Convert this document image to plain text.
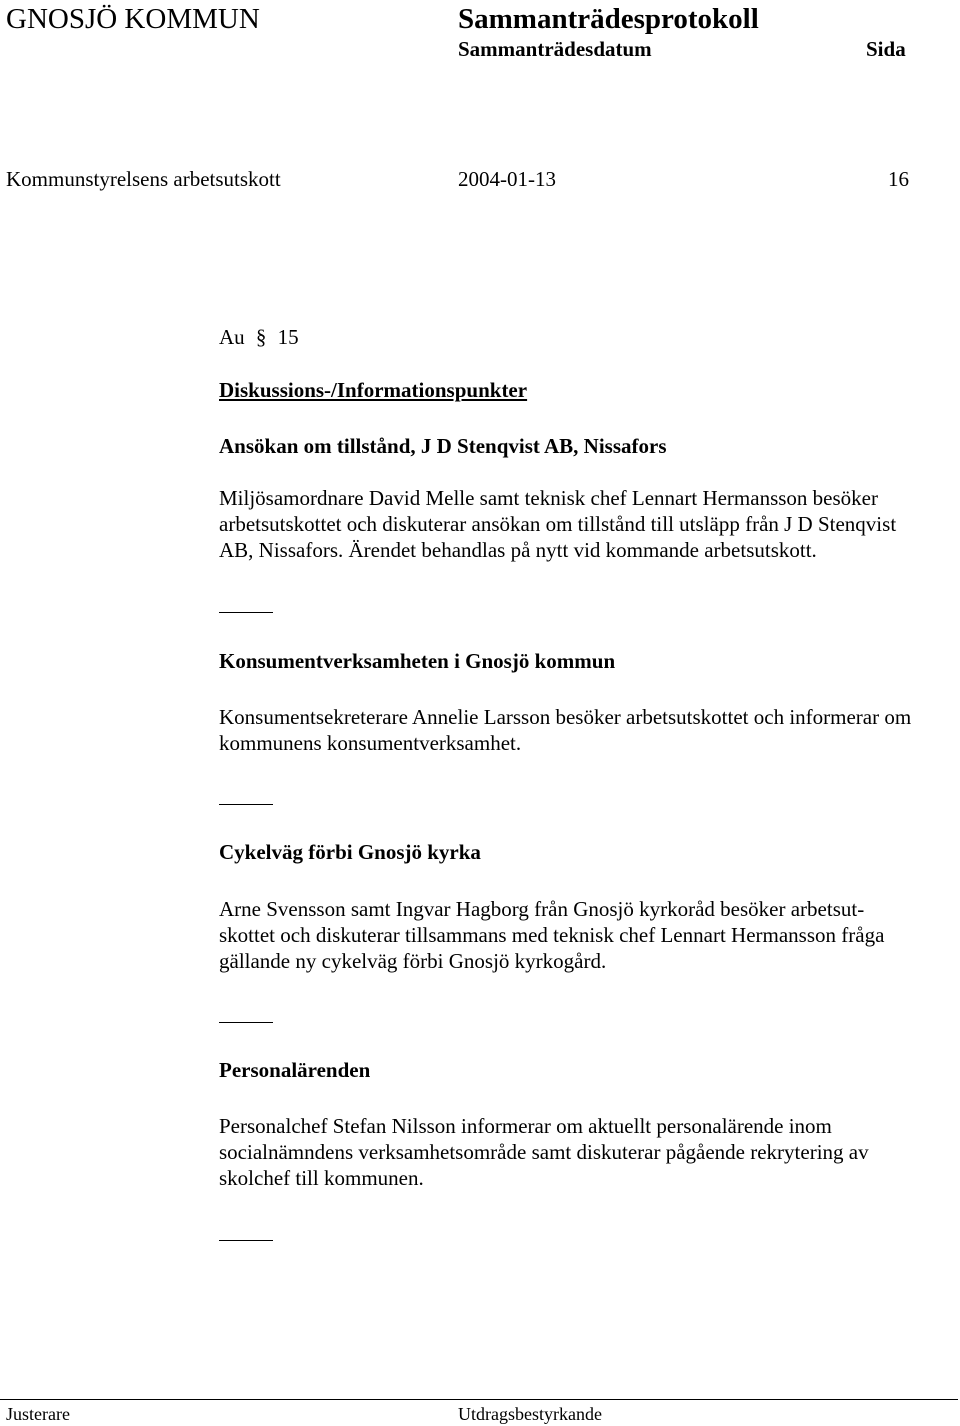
GNOSJÖ KOMMUN	Sammanträdesprotokoll
Sammanträdesdatum	Sida
Kommunstyrelsens arbetsutskott	2004-01-13	16
Au § 15
Diskussions-/Informationspunkter
Ansökan om tillstånd, J D Stenqvist AB, Nissafors
Miljösamordnare David Melle samt teknisk chef Lennart Hermansson besöker arbetsutskottet och diskuterar ansökan om tillstånd till utsläpp från J D Stenqvist AB, Nissafors. Ärendet behandlas på nytt vid kommande arbetsutskott.
Konsumentverksamheten i Gnosjö kommun
Konsumentsekreterare Annelie Larsson besöker arbetsutskottet och informerar om kommunens konsumentverksamhet.
Cykelväg förbi Gnosjö kyrka

Arne Svensson samt Ingvar Hagborg från Gnosjö kyrkoråd besöker arbetsut-

skottet och diskuterar tillsammans med teknisk chef Lennart Hermansson fråga

gällande ny cykelväg förbi Gnosjö kyrkogård.

Personalärenden
Personalchef Stefan Nilsson informerar om aktuellt personalärende inom socialnämndens verksamhetsområde samt diskuterar pågående rekrytering av skolchef till kommunen.
Justerare	Utdragsbestyrkande
